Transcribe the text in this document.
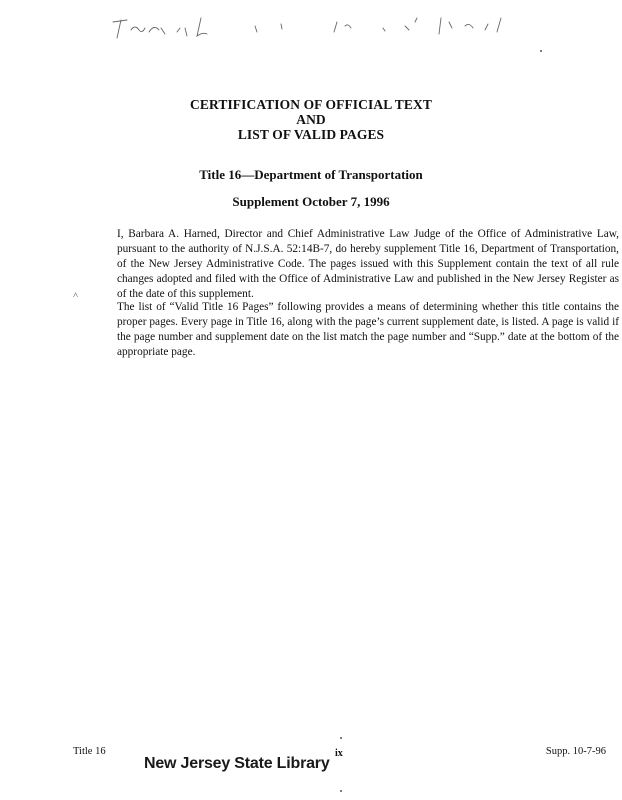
CERTIFICATION OF OFFICIAL TEXT
AND
LIST OF VALID PAGES
Title 16—Department of Transportation
Supplement October 7, 1996

I, Barbara A. Harned, Director and Chief Administrative Law Judge of the Office of Administrative Law, pursuant to the authority of N.J.S.A. 52:14B-7, do hereby supplement Title 16, Department of Transportation, of the New Jersey Administrative Code. The pages issued with this Supplement contain the text of all rule changes adopted and filed with the Office of Administrative Law and published in the New Jersey Register as of the date of this supplement.

˄

The list of “Valid Title 16 Pages” following provides a means of determining whether this title contains the proper pages. Every page in Title 16, along with the page’s current supplement date, is listed. A page is valid if the page number and supplement date on the list match the page number and “Supp.” date at the bottom of the appropriate page.

Title 16	ix	Supp. 10-7-96
New Jersey State Library
